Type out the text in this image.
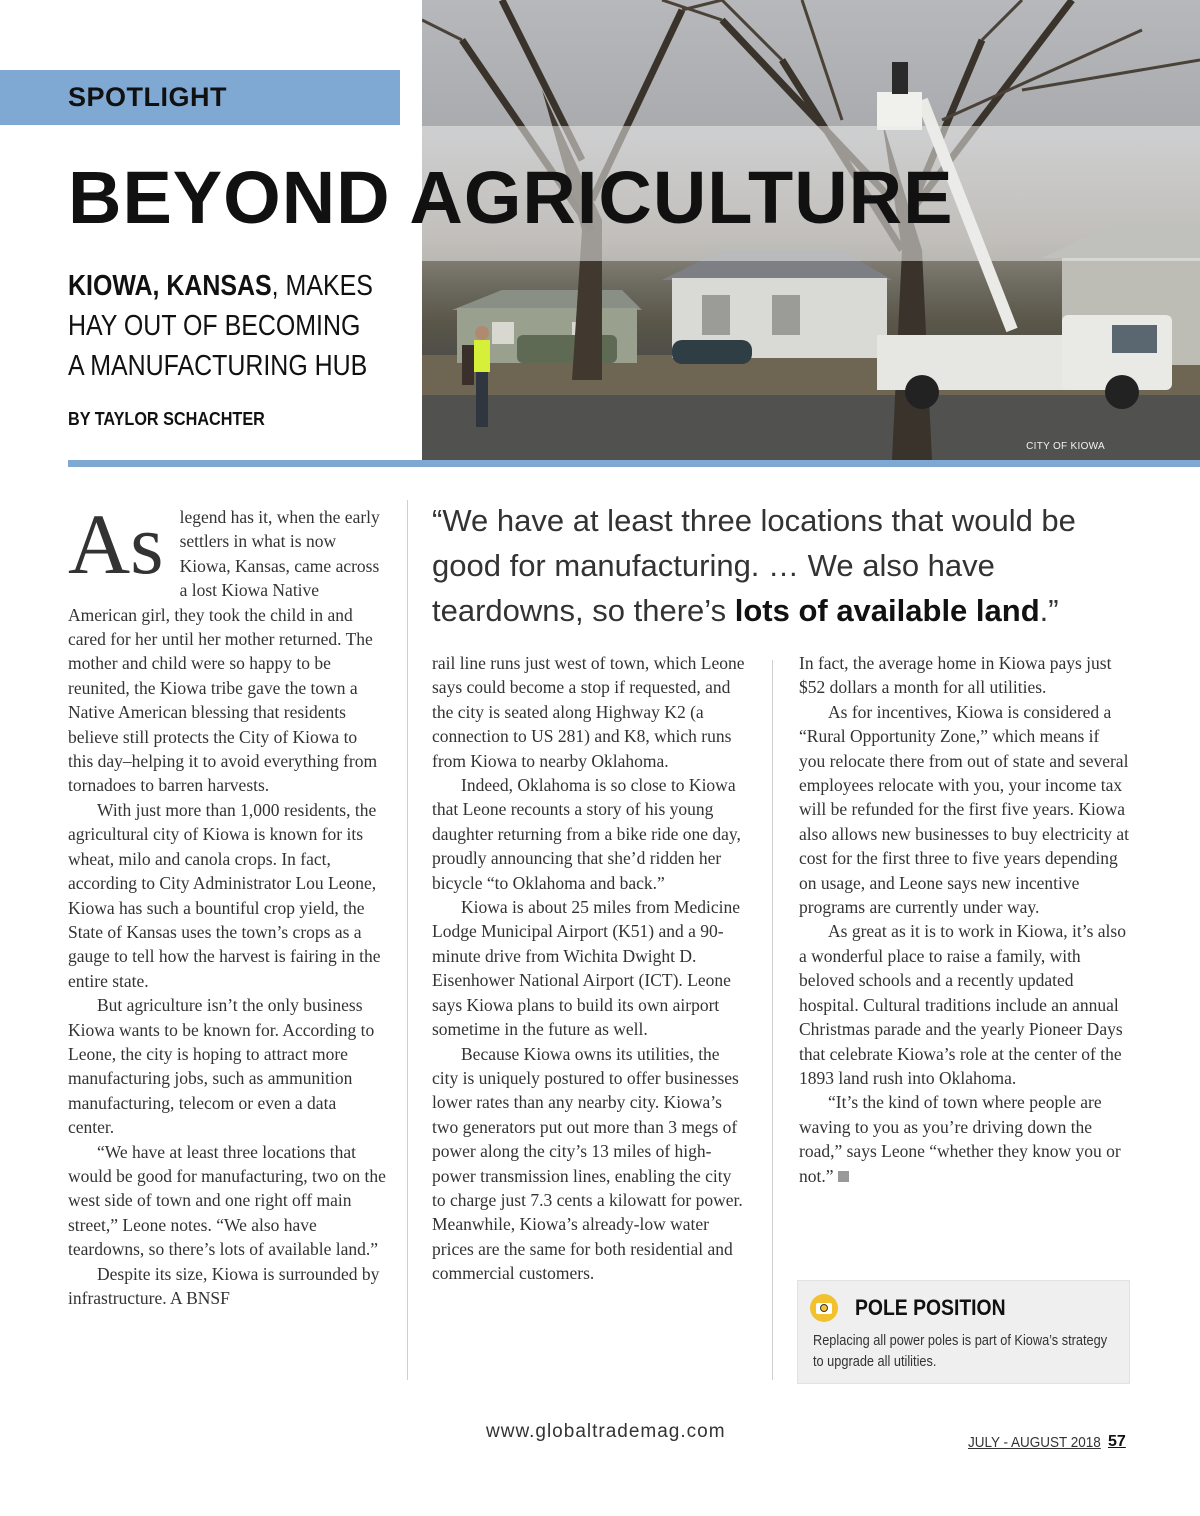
CITY OF KIOWA
SPOTLIGHT
BEYOND AGRICULTURE
KIOWA, KANSAS, MAKES
HAY OUT OF BECOMING
A MANUFACTURING HUB
BY TAYLOR SCHACHTER
“We have at least three locations that would be good for manufacturing. … We also have teardowns, so there’s lots of available land.”

As legend has it, when the early settlers in what is now Kiowa, Kansas, came across a lost Kiowa Native American girl, they took the child in and cared for her until her mother returned. The mother and child were so happy to be reunited, the Kiowa tribe gave the town a Native American blessing that residents believe still protects the City of Kiowa to this day–helping it to avoid everything from tornadoes to barren harvests.

With just more than 1,000 residents, the agricultural city of Kiowa is known for its wheat, milo and canola crops. In fact, according to City Administrator Lou Leone, Kiowa has such a bountiful crop yield, the State of Kansas uses the town’s crops as a gauge to tell how the harvest is fairing in the entire state.

But agriculture isn’t the only business Kiowa wants to be known for. According to Leone, the city is hoping to attract more manufacturing jobs, such as ammunition manufacturing, telecom or even a data center.

“We have at least three locations that would be good for manufacturing, two on the west side of town and one right off main street,” Leone notes. “We also have teardowns, so there’s lots of available land.”

Despite its size, Kiowa is surrounded by infrastructure. A BNSF

rail line runs just west of town, which Leone says could become a stop if requested, and the city is seated along Highway K2 (a connection to US 281) and K8, which runs from Kiowa to nearby Oklahoma.

Indeed, Oklahoma is so close to Kiowa that Leone recounts a story of his young daughter returning from a bike ride one day, proudly announcing that she’d ridden her bicycle “to Oklahoma and back.”

Kiowa is about 25 miles from Medicine Lodge Municipal Airport (K51) and a 90-minute drive from Wichita Dwight D. Eisenhower National Airport (ICT). Leone says Kiowa plans to build its own airport sometime in the future as well.

Because Kiowa owns its utilities, the city is uniquely postured to offer businesses lower rates than any nearby city. Kiowa’s two generators put out more than 3 megs of power along the city’s 13 miles of high-power transmission lines, enabling the city to charge just 7.3 cents a kilowatt for power. Meanwhile, Kiowa’s already-low water prices are the same for both residential and commercial customers.

In fact, the average home in Kiowa pays just $52 dollars a month for all utilities.

As for incentives, Kiowa is considered a “Rural Opportunity Zone,” which means if you relocate there from out of state and several employees relocate with you, your income tax will be refunded for the first five years. Kiowa also allows new businesses to buy electricity at cost for the first three to five years depending on usage, and Leone says new incentive programs are currently under way.

As great as it is to work in Kiowa, it’s also a wonderful place to raise a family, with beloved schools and a recently updated hospital. Cultural traditions include an annual Christmas parade and the yearly Pioneer Days that celebrate Kiowa’s role at the center of the 1893 land rush into Oklahoma.

“It’s the kind of town where people are waving to you as you’re driving down the road,” says Leone “whether they know you or not.”

POLE POSITION
Replacing all power poles is part of Kiowa’s strategy to upgrade all utilities.
www.globaltrademag.com
JULY - AUGUST 2018 57
